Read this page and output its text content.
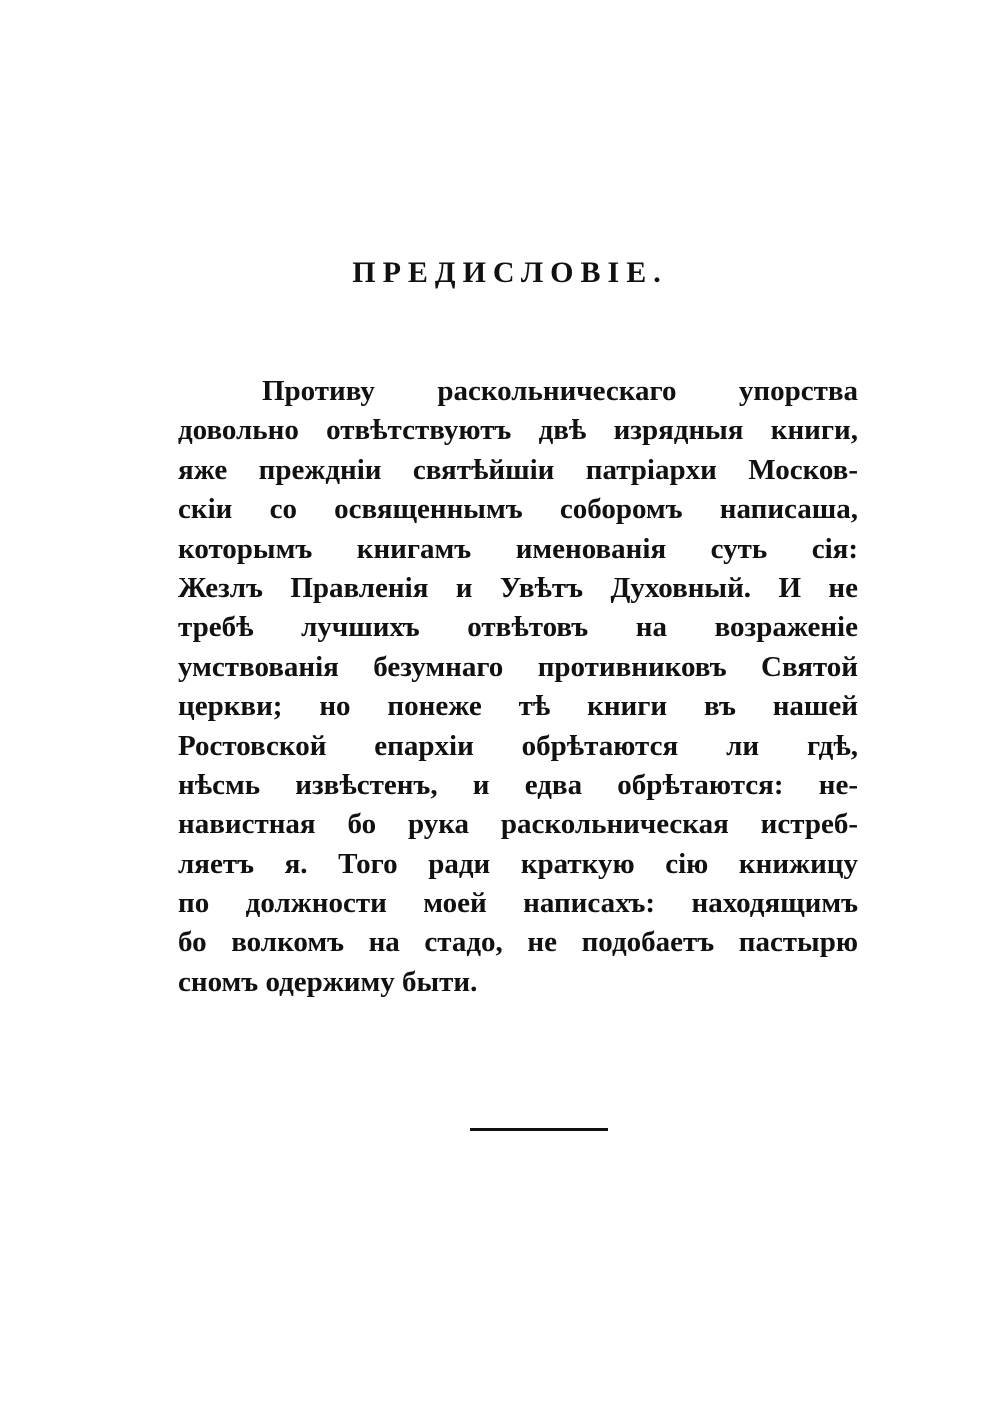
ПРЕДИСЛОВІЕ.
Противу раскольническаго упорства
довольно отвѣтствуютъ двѣ изрядныя книги,
яже прежднiи святѣйшiи патрiархи Москов-
скiи со освященнымъ соборомъ написаша,
которымъ книгамъ именованiя суть сiя:
Жезлъ Правленiя и Увѣтъ Духовный. И не
требѣ лучшихъ отвѣтовъ на возраженiе
умствованiя безумнаго противниковъ Святой
церкви; но понеже тѣ книги въ нашей
Ростовской епархiи обрѣтаются ли гдѣ,
нѣсмь извѣстенъ, и едва обрѣтаются: не-
навистная бо рука раскольническая истреб-
ляетъ я. Того ради краткую сiю книжицу
по должности моей написахъ: находящимъ
бо волкомъ на стадо, не подобаетъ пастырю
сномъ одержиму быти.
